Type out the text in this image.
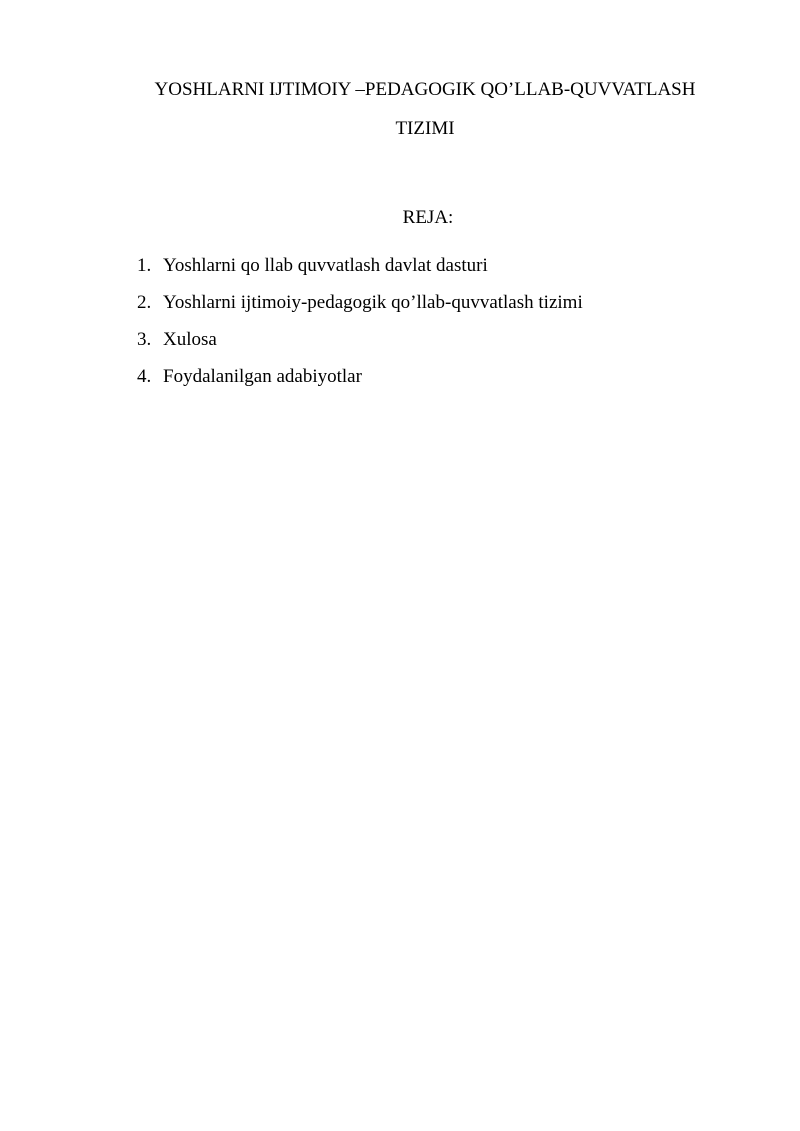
YOSHLARNI IJTIMOIY –PEDAGOGIK QO’LLAB-QUVVATLASH
TIZIMI
REJA:
1. Yoshlarni qo llab quvvatlash davlat dasturi
2. Yoshlarni ijtimoiy-pedagogik qo’llab-quvvatlash tizimi
3. Xulosa
4. Foydalanilgan adabiyotlar
